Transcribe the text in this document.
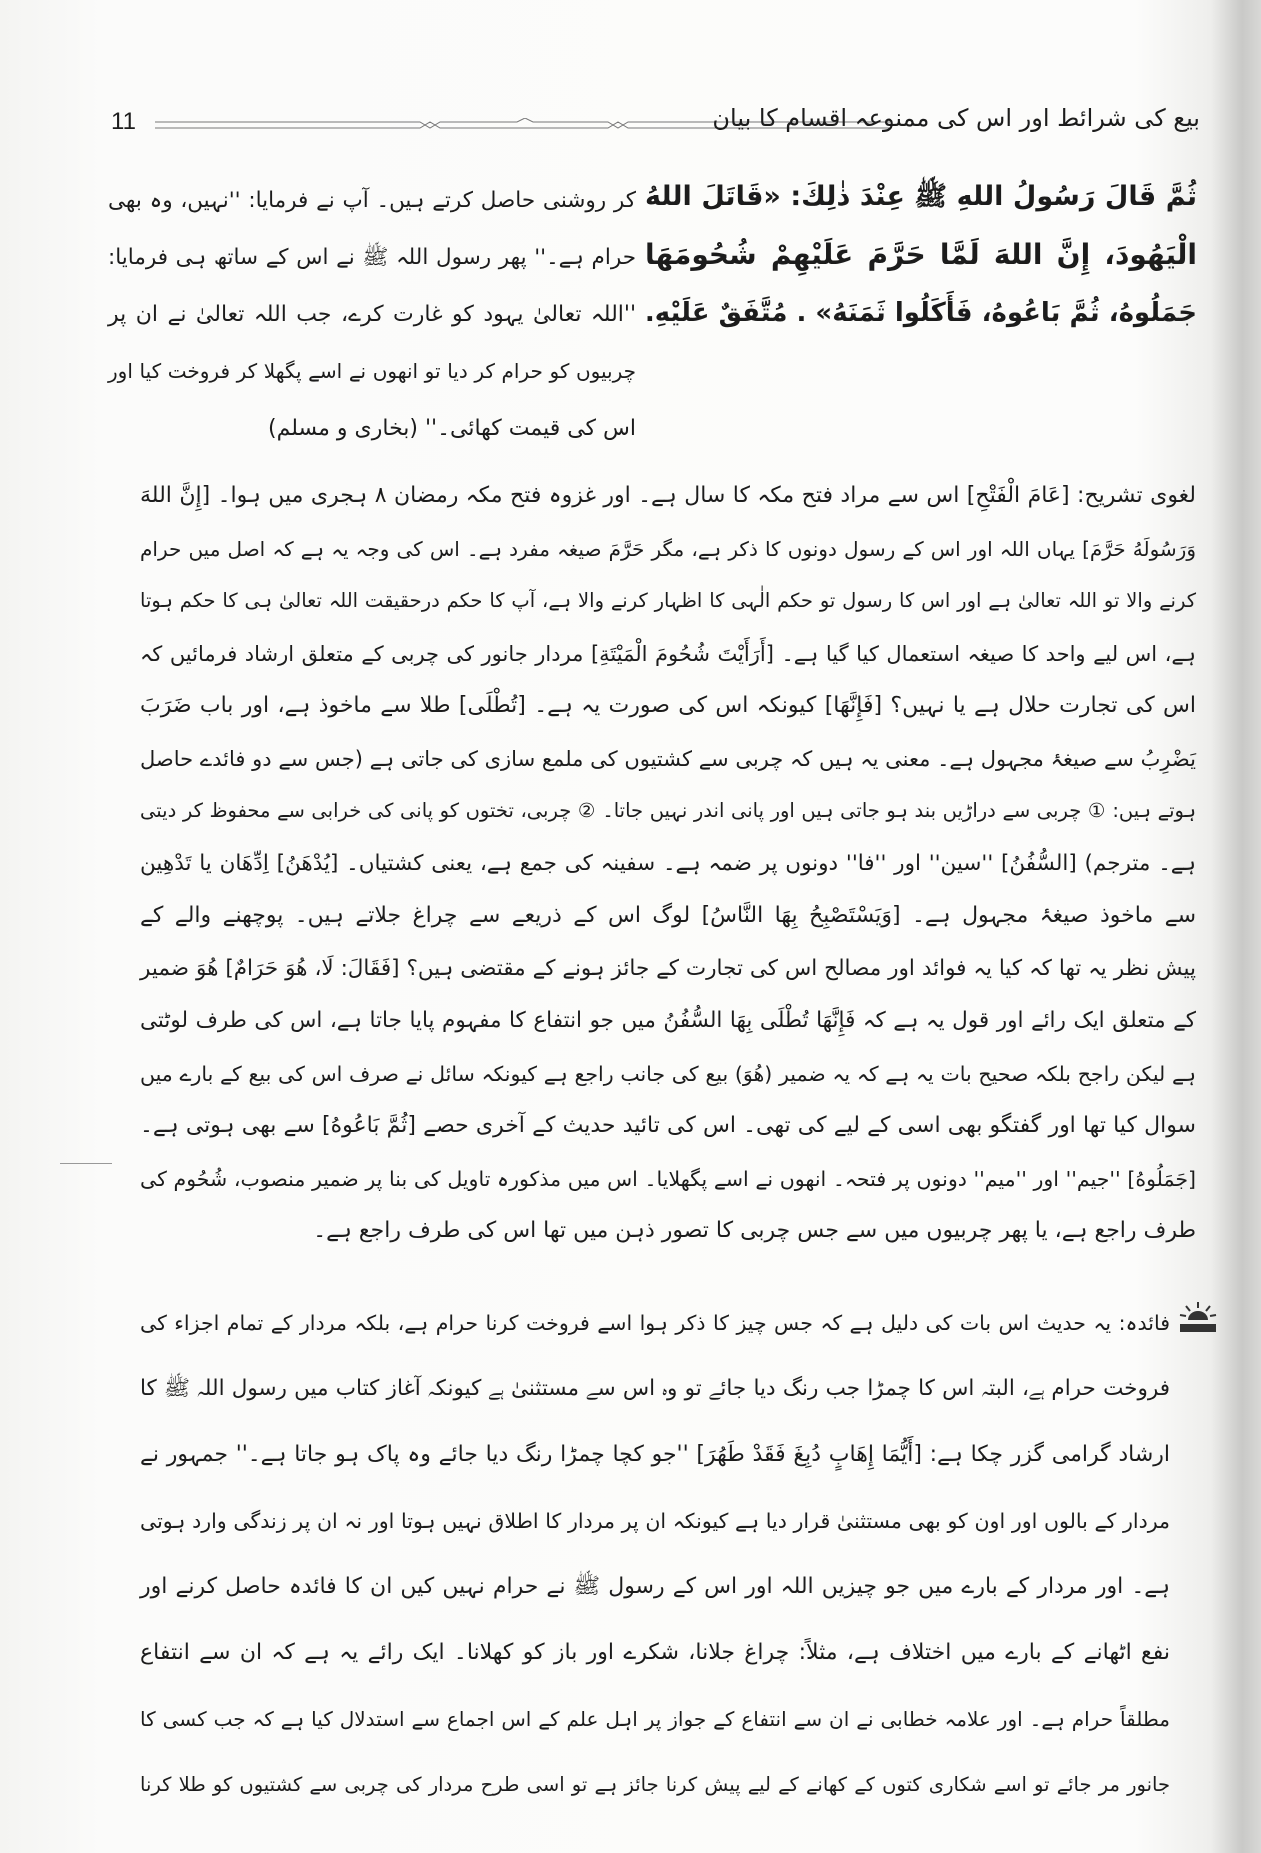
11	بیع کی شرائط اور اس کی ممنوعہ اقسام کا بیان
ثُمَّ قَالَ رَسُولُ اللهِ ﷺ عِنْدَ ذٰلِكَ: «قَاتَلَ اللهُ
الْيَهُودَ، إِنَّ اللهَ لَمَّا حَرَّمَ عَلَيْهِمْ شُحُومَهَا
جَمَلُوهُ، ثُمَّ بَاعُوهُ، فَأَكَلُوا ثَمَنَهُ» . مُتَّفَقٌ عَلَيْهِ.
کر روشنی حاصل کرتے ہیں۔ آپ نے فرمایا: ''نہیں، وہ بھی
حرام ہے۔'' پھر رسول اللہ ﷺ نے اس کے ساتھ ہی فرمایا:
''اللہ تعالیٰ یہود کو غارت کرے، جب اللہ تعالیٰ نے ان پر
چربیوں کو حرام کر دیا تو انھوں نے اسے پگھلا کر فروخت کیا اور
اس کی قیمت کھائی۔'' (بخاری و مسلم)
لغوی تشریح: [عَامَ الْفَتْحِ] اس سے مراد فتح مکہ کا سال ہے۔ اور غزوہ فتح مکہ رمضان ۸ ہجری میں ہوا۔ [إِنَّ اللهَ
وَرَسُولَهُ حَرَّمَ] یہاں اللہ اور اس کے رسول دونوں کا ذکر ہے، مگر حَرَّمَ صیغہ مفرد ہے۔ اس کی وجہ یہ ہے کہ اصل میں حرام
کرنے والا تو اللہ تعالیٰ ہے اور اس کا رسول تو حکم الٰہی کا اظہار کرنے والا ہے، آپ کا حکم درحقیقت اللہ تعالیٰ ہی کا حکم ہوتا
ہے، اس لیے واحد کا صیغہ استعمال کیا گیا ہے۔ [أَرَأَيْتَ شُحُومَ الْمَيْتَةِ] مردار جانور کی چربی کے متعلق ارشاد فرمائیں کہ
اس کی تجارت حلال ہے یا نہیں؟ [فَإِنَّهَا] کیونکہ اس کی صورت یہ ہے۔ [تُطْلَى] طلا سے ماخوذ ہے، اور باب ضَرَبَ
يَضْرِبُ سے صیغۂ مجہول ہے۔ معنی یہ ہیں کہ چربی سے کشتیوں کی ملمع سازی کی جاتی ہے (جس سے دو فائدے حاصل
ہوتے ہیں: ① چربی سے دراڑیں بند ہو جاتی ہیں اور پانی اندر نہیں جاتا۔ ② چربی، تختوں کو پانی کی خرابی سے محفوظ کر دیتی
ہے۔ مترجم) [السُّفُنُ] ''سین'' اور ''فا'' دونوں پر ضمہ ہے۔ سفینہ کی جمع ہے، یعنی کشتیاں۔ [يُدْهَنُ] اِدِّهَان یا تَدْهِين
سے ماخوذ صیغۂ مجہول ہے۔ [وَيَسْتَصْبِحُ بِهَا النَّاسُ] لوگ اس کے ذریعے سے چراغ جلاتے ہیں۔ پوچھنے والے کے
پیش نظر یہ تھا کہ کیا یہ فوائد اور مصالح اس کی تجارت کے جائز ہونے کے مقتضی ہیں؟ [فَقَالَ: لَا، هُوَ حَرَامٌ] هُوَ ضمیر
کے متعلق ایک رائے اور قول یہ ہے کہ فَإِنَّهَا تُطْلَى بِهَا السُّفُنُ میں جو انتفاع کا مفہوم پایا جاتا ہے، اس کی طرف لوٹتی
ہے لیکن راجح بلکہ صحیح بات یہ ہے کہ یہ ضمیر (هُوَ) بیع کی جانب راجع ہے کیونکہ سائل نے صرف اس کی بیع کے بارے میں
سوال کیا تھا اور گفتگو بھی اسی کے لیے کی تھی۔ اس کی تائید حدیث کے آخری حصے [ثُمَّ بَاعُوهُ] سے بھی ہوتی ہے۔
[جَمَلُوهُ] ''جیم'' اور ''میم'' دونوں پر فتحہ۔ انھوں نے اسے پگھلایا۔ اس میں مذکورہ تاویل کی بنا پر ضمیر منصوب، شُحُوم کی
طرف راجع ہے، یا پھر چربیوں میں سے جس چربی کا تصور ذہن میں تھا اس کی طرف راجع ہے۔
فائدہ: یہ حدیث اس بات کی دلیل ہے کہ جس چیز کا ذکر ہوا اسے فروخت کرنا حرام ہے، بلکہ مردار کے تمام اجزاء کی
فروخت حرام ہے، البتہ اس کا چمڑا جب رنگ دیا جائے تو وہ اس سے مستثنیٰ ہے کیونکہ آغاز کتاب میں رسول اللہ ﷺ کا
ارشاد گرامی گزر چکا ہے: [أَيُّمَا إِهَابٍ دُبِغَ فَقَدْ طَهُرَ] ''جو کچا چمڑا رنگ دیا جائے وہ پاک ہو جاتا ہے۔'' جمہور نے
مردار کے بالوں اور اون کو بھی مستثنیٰ قرار دیا ہے کیونکہ ان پر مردار کا اطلاق نہیں ہوتا اور نہ ان پر زندگی وارد ہوتی
ہے۔ اور مردار کے بارے میں جو چیزیں اللہ اور اس کے رسول ﷺ نے حرام نہیں کیں ان کا فائدہ حاصل کرنے اور
نفع اٹھانے کے بارے میں اختلاف ہے، مثلاً: چراغ جلانا، شکرے اور باز کو کھلانا۔ ایک رائے یہ ہے کہ ان سے انتفاع
مطلقاً حرام ہے۔ اور علامہ خطابی نے ان سے انتفاع کے جواز پر اہل علم کے اس اجماع سے استدلال کیا ہے کہ جب کسی کا
جانور مر جائے تو اسے شکاری کتوں کے کھانے کے لیے پیش کرنا جائز ہے تو اسی طرح مردار کی چربی سے کشتیوں کو طلا کرنا
